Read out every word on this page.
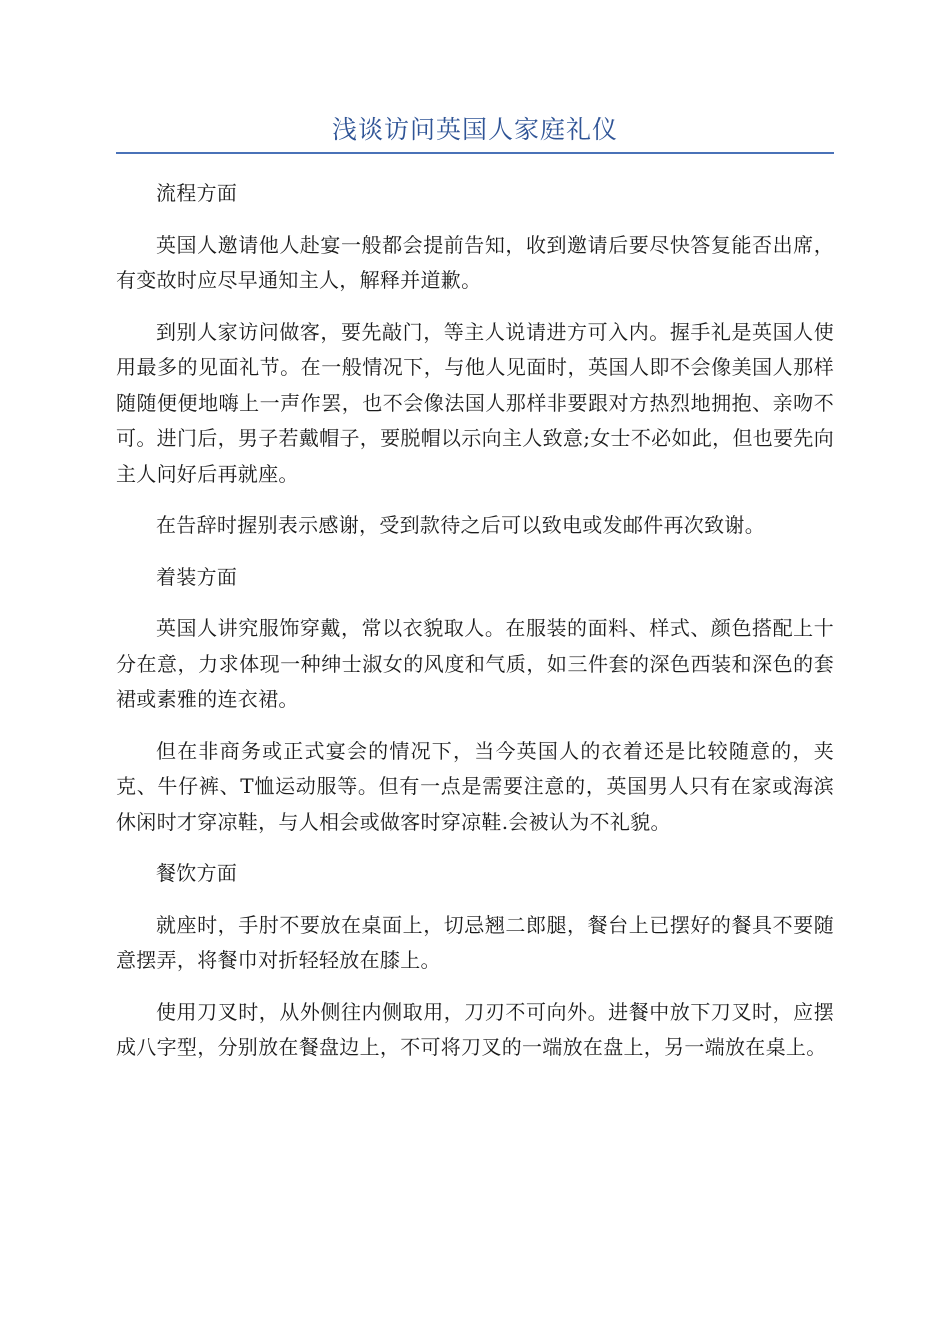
浅谈访问英国人家庭礼仪

流程方面

英国人邀请他人赴宴一般都会提前告知，收到邀请后要尽快答复能否出席，有变故时应尽早通知主人，解释并道歉。

到别人家访问做客，要先敲门，等主人说请进方可入内。握手礼是英国人使用最多的见面礼节。在一般情况下，与他人见面时，英国人即不会像美国人那样随随便便地嗨上一声作罢，也不会像法国人那样非要跟对方热烈地拥抱、亲吻不可。进门后，男子若戴帽子，要脱帽以示向主人致意;女士不必如此，但也要先向主人问好后再就座。

在告辞时握别表示感谢，受到款待之后可以致电或发邮件再次致谢。

着装方面

英国人讲究服饰穿戴，常以衣貌取人。在服装的面料、样式、颜色搭配上十分在意，力求体现一种绅士淑女的风度和气质，如三件套的深色西装和深色的套裙或素雅的连衣裙。

但在非商务或正式宴会的情况下，当今英国人的衣着还是比较随意的，夹克、牛仔裤、T恤运动服等。但有一点是需要注意的，英国男人只有在家或海滨休闲时才穿凉鞋，与人相会或做客时穿凉鞋.会被认为不礼貌。

餐饮方面

就座时，手肘不要放在桌面上，切忌翘二郎腿，餐台上已摆好的餐具不要随意摆弄，将餐巾对折轻轻放在膝上。

使用刀叉时，从外侧往内侧取用，刀刃不可向外。进餐中放下刀叉时，应摆成八字型，分别放在餐盘边上，不可将刀叉的一端放在盘上，另一端放在桌上。
